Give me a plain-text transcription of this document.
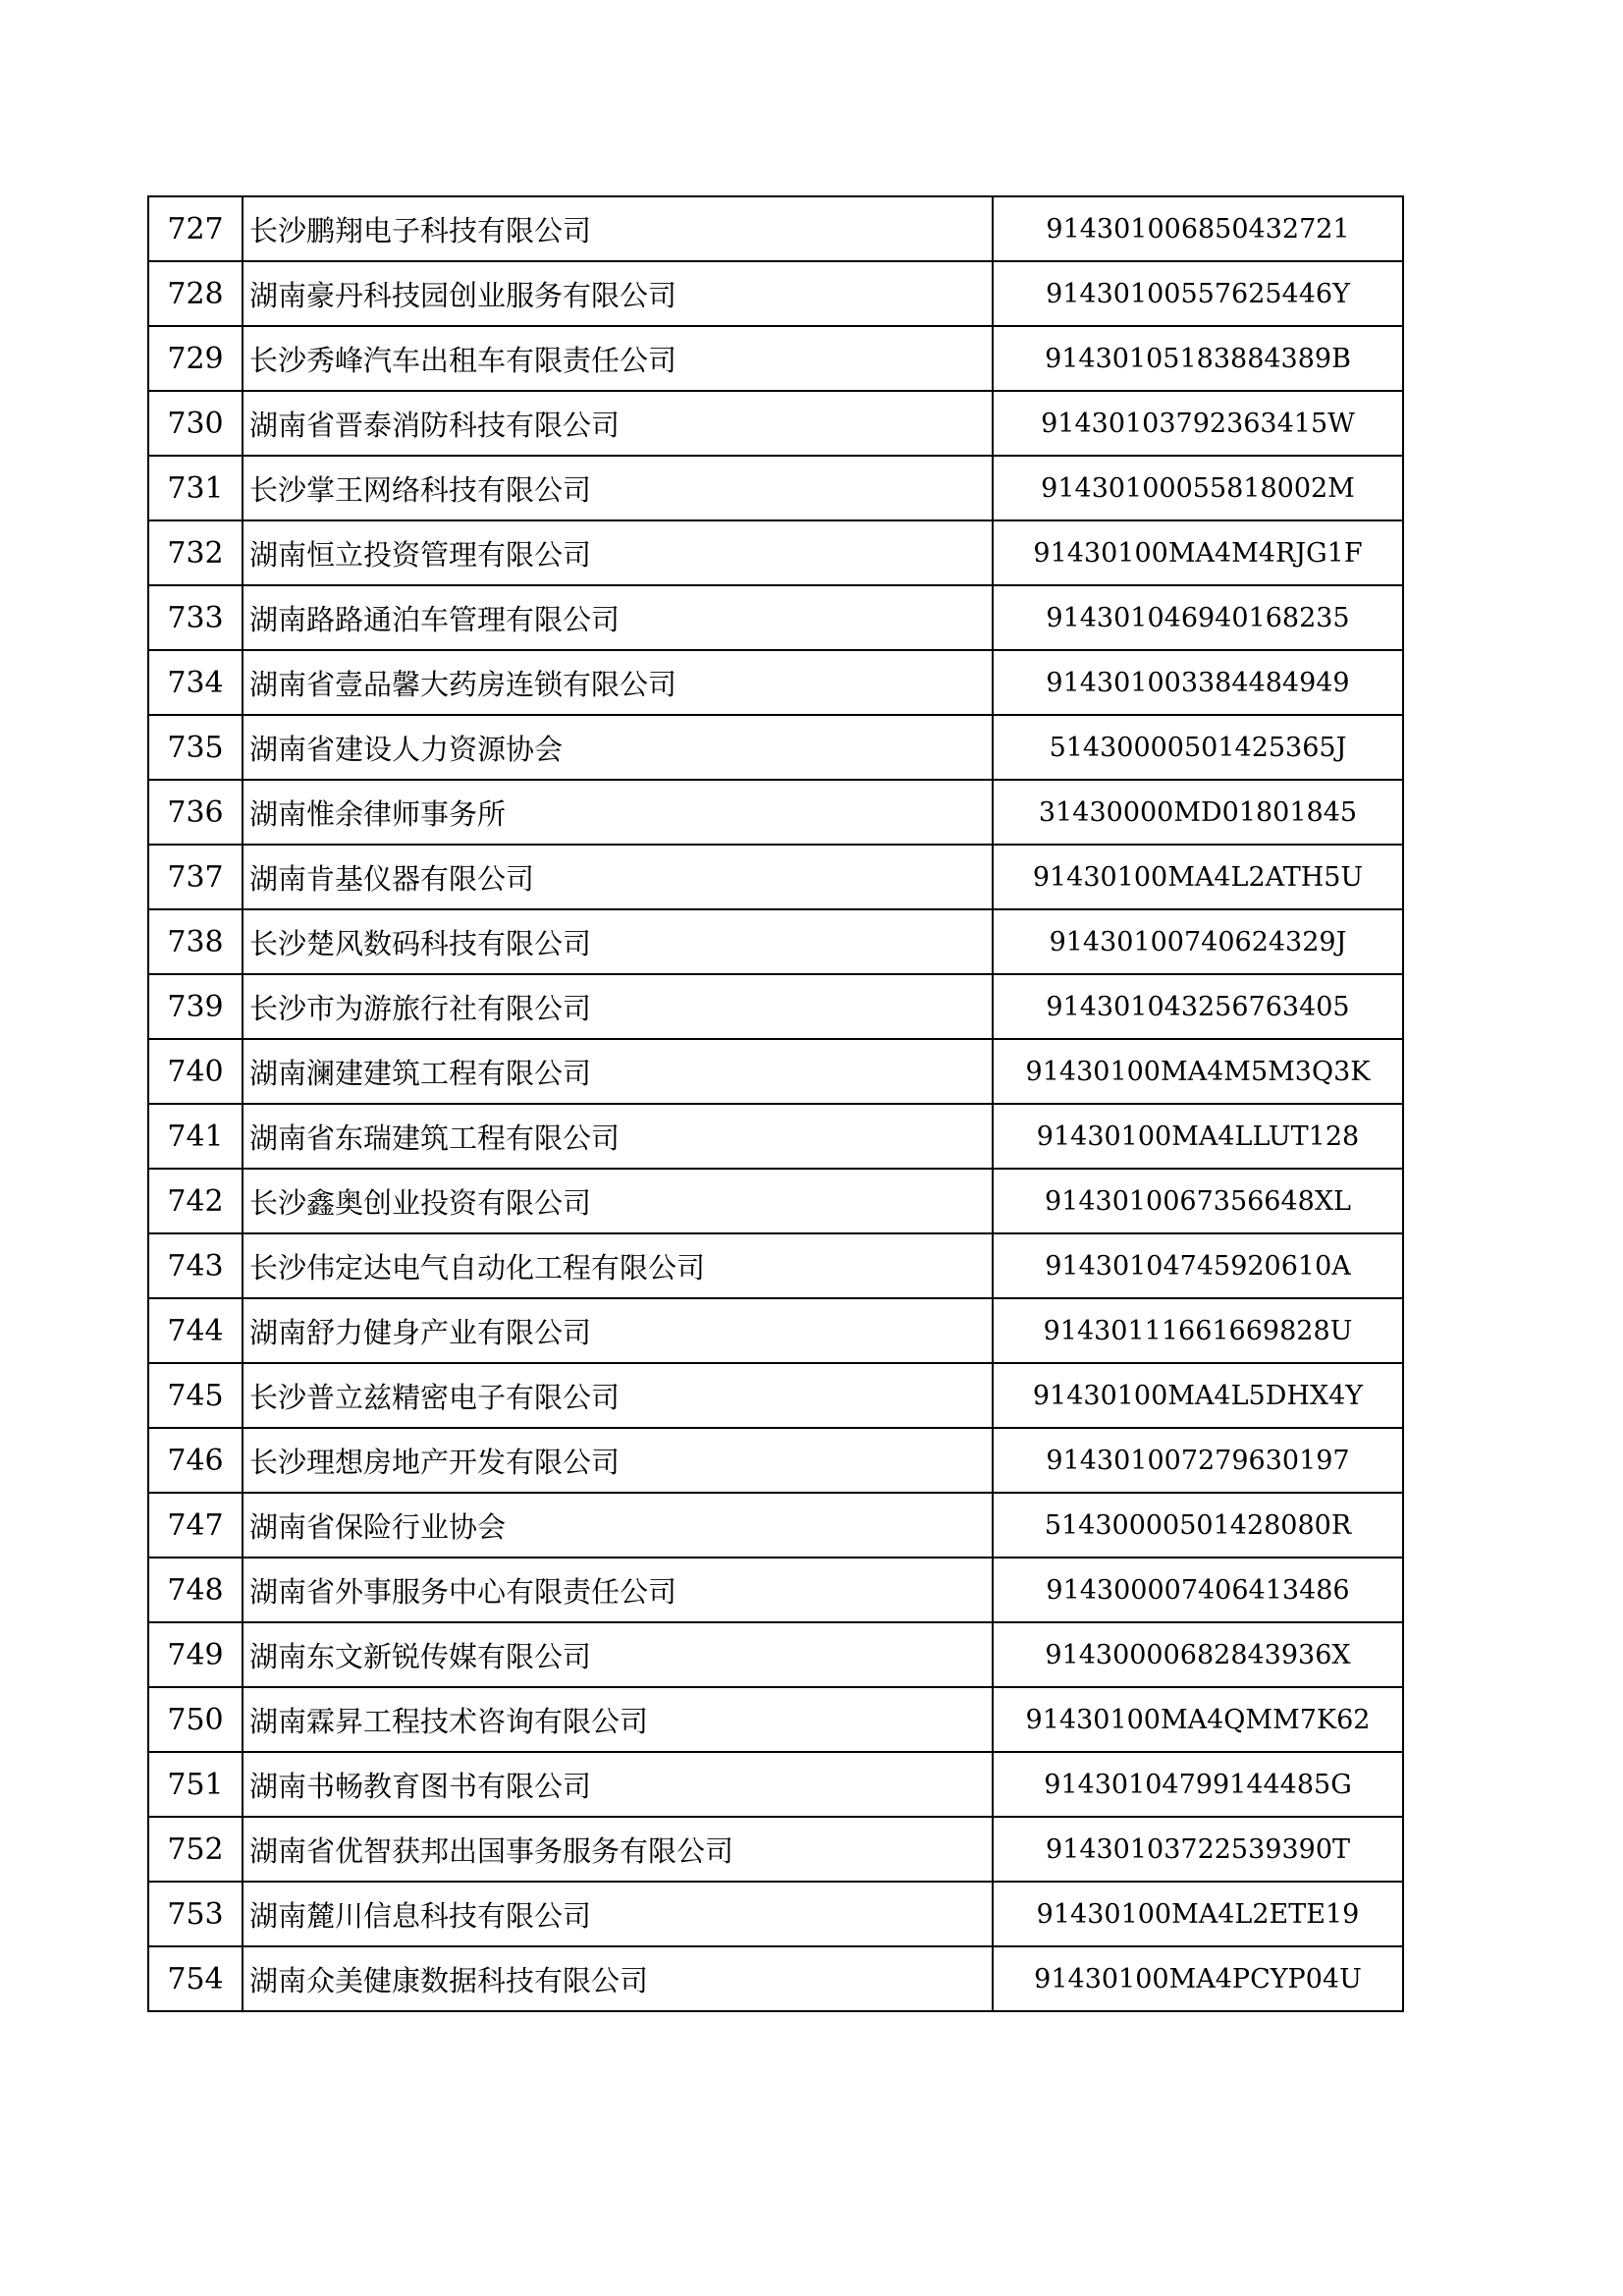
727	长沙鹏翔电子科技有限公司	914301006850432721
728	湖南豪丹科技园创业服务有限公司	91430100557625446Y
729	长沙秀峰汽车出租车有限责任公司	91430105183884389B
730	湖南省晋泰消防科技有限公司	91430103792363415W
731	长沙掌王网络科技有限公司	91430100055818002M
732	湖南恒立投资管理有限公司	91430100MA4M4RJG1F
733	湖南路路通泊车管理有限公司	914301046940168235
734	湖南省壹品馨大药房连锁有限公司	914301003384484949
735	湖南省建设人力资源协会	51430000501425365J
736	湖南惟余律师事务所	31430000MD01801845
737	湖南肯基仪器有限公司	91430100MA4L2ATH5U
738	长沙楚风数码科技有限公司	91430100740624329J
739	长沙市为游旅行社有限公司	914301043256763405
740	湖南澜建建筑工程有限公司	91430100MA4M5M3Q3K
741	湖南省东瑞建筑工程有限公司	91430100MA4LLUT128
742	长沙鑫奥创业投资有限公司	9143010067356648XL
743	长沙伟定达电气自动化工程有限公司	91430104745920610A
744	湖南舒力健身产业有限公司	91430111661669828U
745	长沙普立兹精密电子有限公司	91430100MA4L5DHX4Y
746	长沙理想房地产开发有限公司	914301007279630197
747	湖南省保险行业协会	51430000501428080R
748	湖南省外事服务中心有限责任公司	914300007406413486
749	湖南东文新锐传媒有限公司	91430000682843936X
750	湖南霖昇工程技术咨询有限公司	91430100MA4QMM7K62
751	湖南书畅教育图书有限公司	91430104799144485G
752	湖南省优智获邦出国事务服务有限公司	91430103722539390T
753	湖南麓川信息科技有限公司	91430100MA4L2ETE19
754	湖南众美健康数据科技有限公司	91430100MA4PCYP04U
